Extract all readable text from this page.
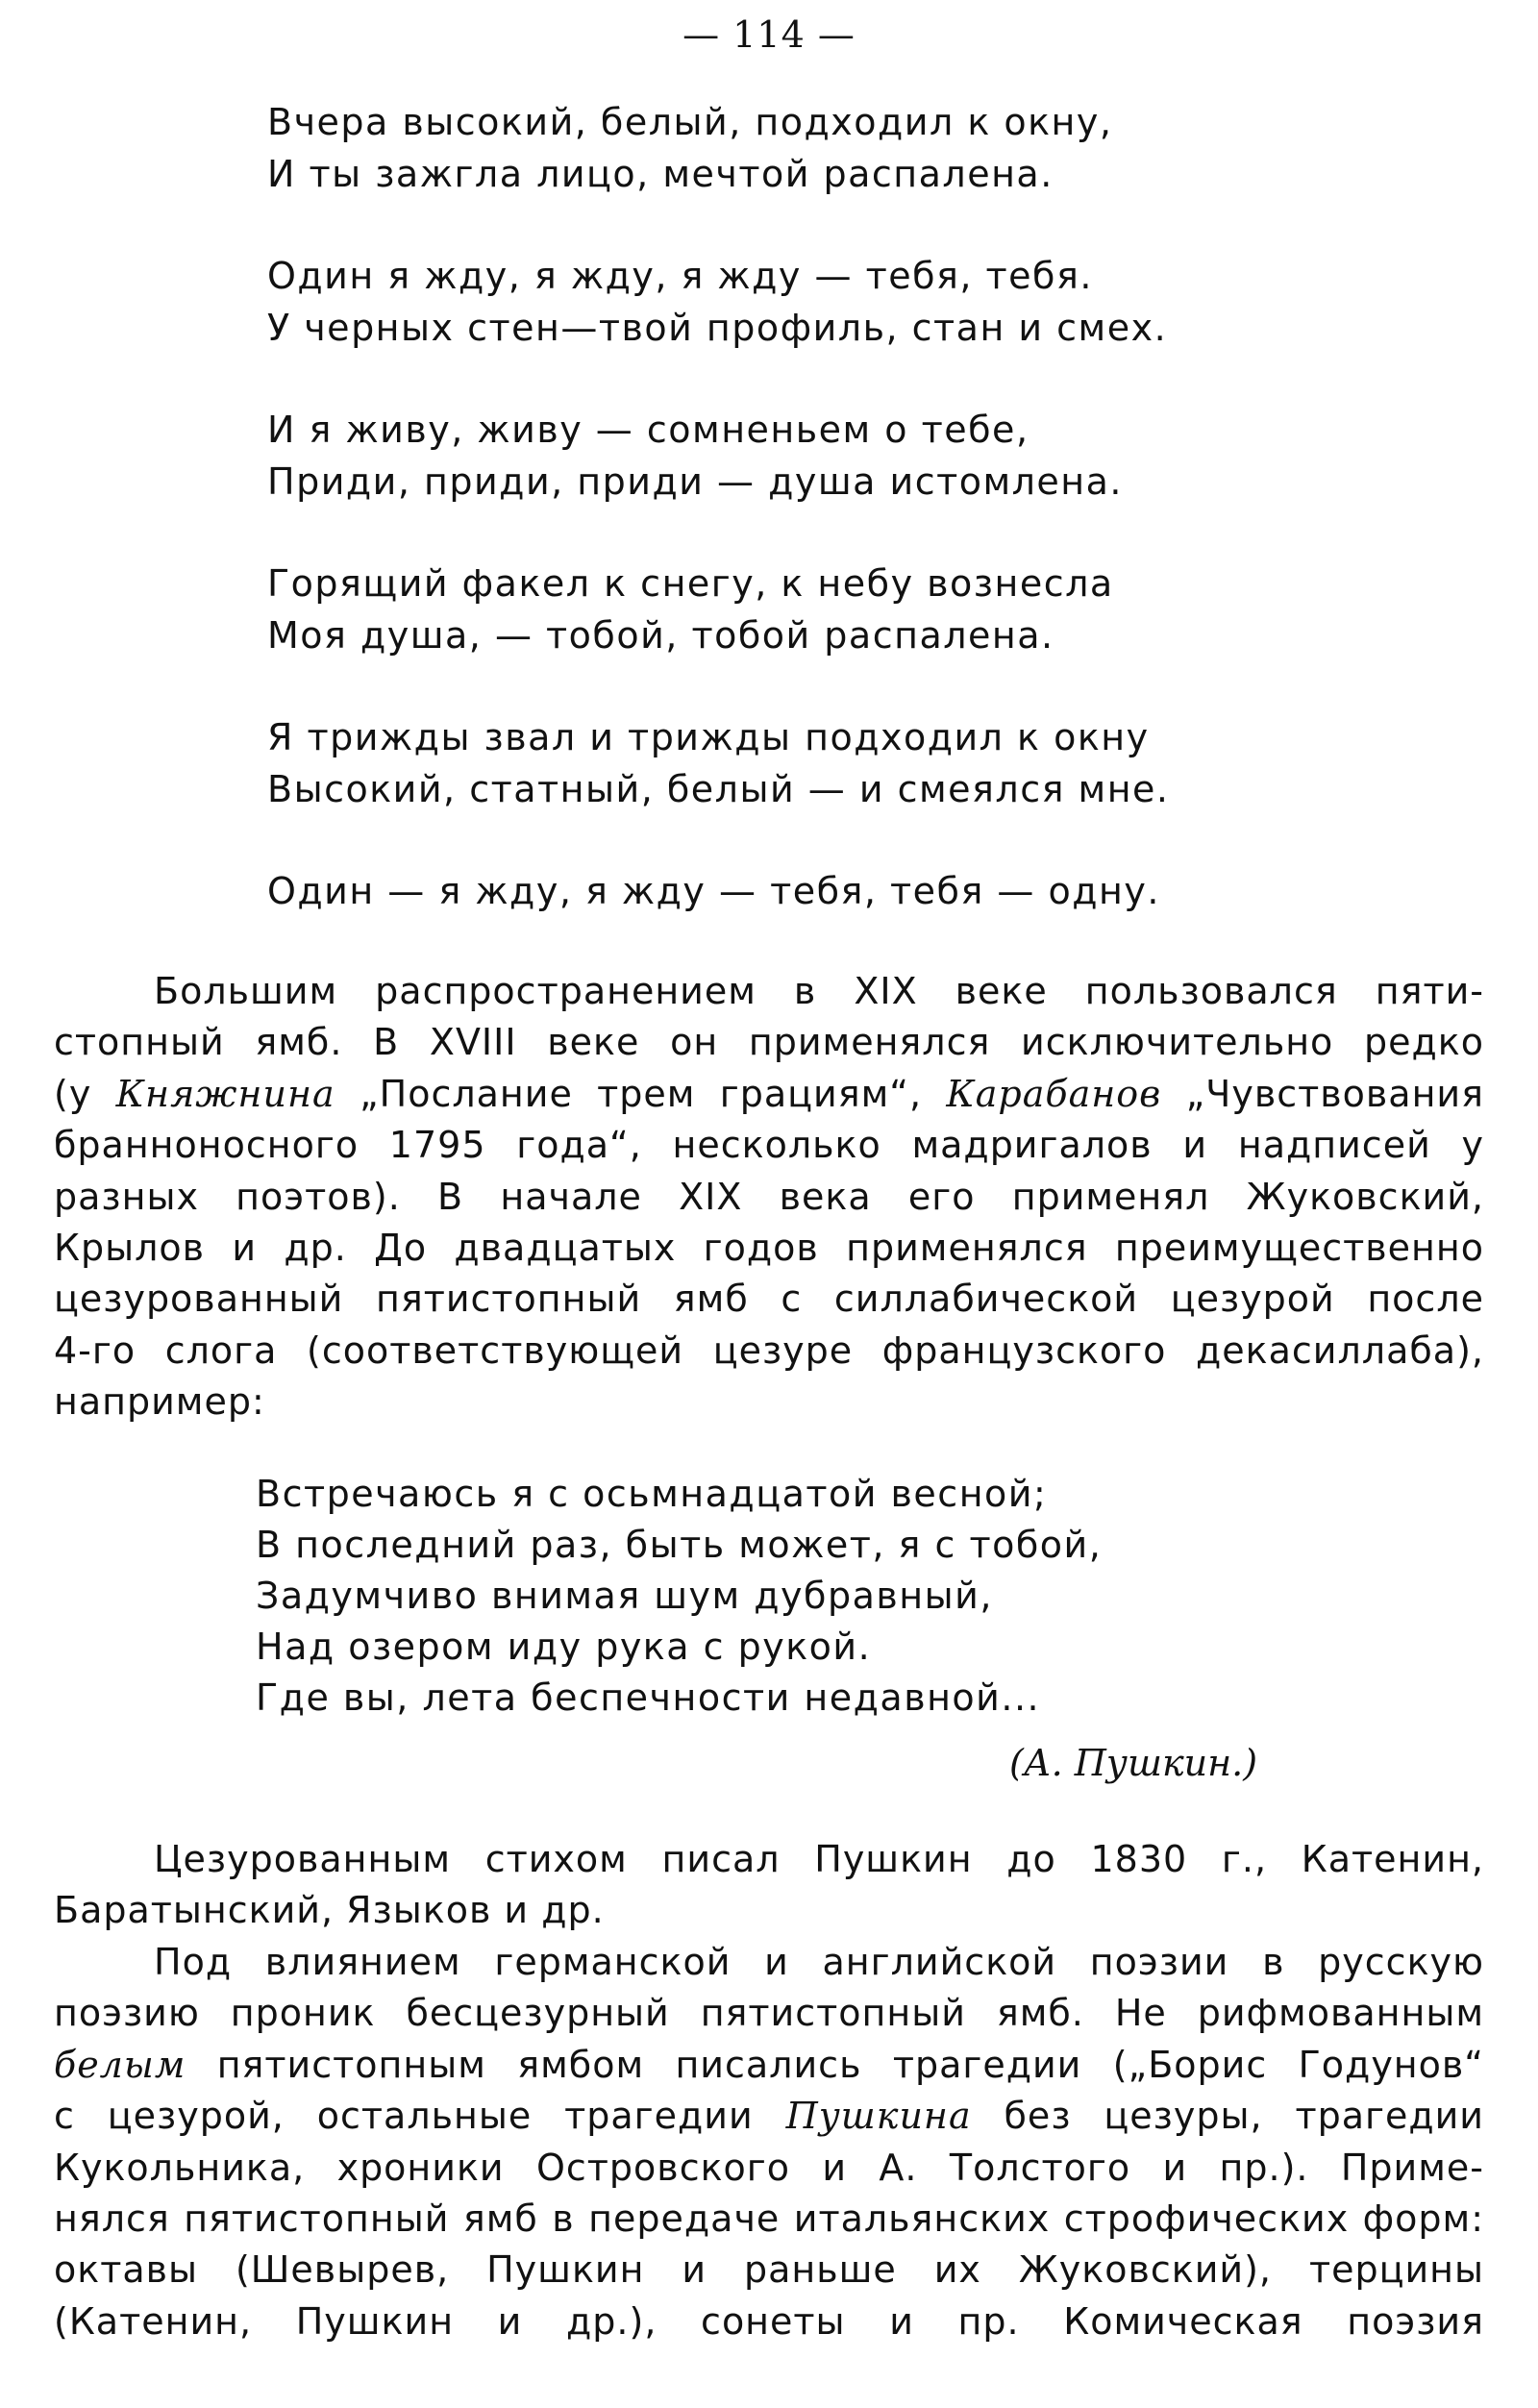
— 114 —
Вчера высокий, белый, подходил к окну,
И ты зажгла лицо, мечтой распалена.
Один я жду, я жду, я жду — тебя, тебя.
У черных стен—твой профиль, стан и смех.
И я живу, живу — сомненьем о тебе,
Приди, приди, приди — душа истомлена.
Горящий факел к снегу, к небу вознесла
Моя душа, — тобой, тобой распалена.
Я трижды звал и трижды подходил к окну
Высокий, статный, белый — и смеялся мне.
Один — я жду, я жду — тебя, тебя — одну.
Большим распространением в XIX веке пользовался пяти-
стопный ямб. В XVIII веке он применялся исключительно редко
(у Княжнина „Послание трем грациям“, Карабанов „Чувствования
браннoносного 1795 года“, несколько мадригалов и надписей у
разных поэтов). В начале XIX века его применял Жуковский,
Крылов и др. До двадцатых годов применялся преимущественно
цезурованный пятистопный ямб с силлабической цезурой после
4-го слога (соответствующей цезуре французского декасиллаба),
например:
Встречаюсь я с осьмнадцатой весной;
В последний раз, быть может, я с тобой,
Задумчиво внимая шум дубравный,
Над озером иду рука с рукой.
Где вы, лета беспечности недавной...
(А. Пушкин.)
Цезурованным стихом писал Пушкин до 1830 г., Катенин,
Баратынский, Языков и др.
Под влиянием германской и английской поэзии в русскую
поэзию проник бесцезурный пятистопный ямб. Не рифмованным
белым пятистопным ямбом писались трагедии („Борис Годунов“
с цезурой, остальные трагедии Пушкина без цезуры, трагедии
Кукольника, хроники Островского и А. Толстого и пр.). Приме-
нялся пятистопный ямб в передаче итальянских строфических форм:
октавы (Шевырев, Пушкин и раньше их Жуковский), терцины
(Катенин, Пушкин и др.), сонеты и пр. Комическая поэзия
